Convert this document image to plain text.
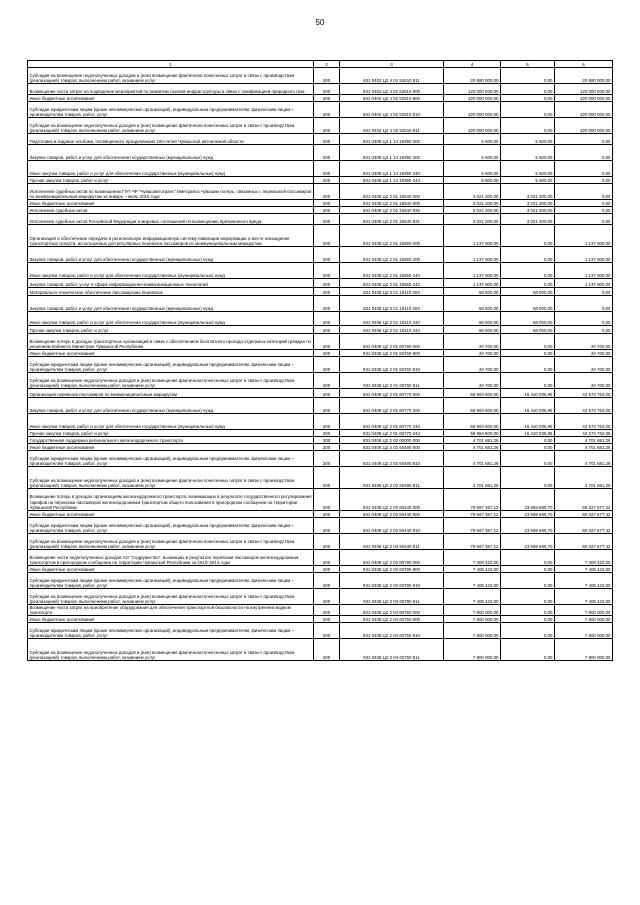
50
1	2	3	4	5	6
Субсидия на возмещение недополученных доходов и (или) возмещение фактически понесенных затрат в связи с производством (реализацией) товаров, выполнением работ, оказанием услуг	200	831 0402 Ц2 4 01 52610 811	20 680 000,00	0,00	20 680 000,00
Возмещение части затрат на подведение мероприятий по развитию газовой инфраструктуры в связи с газификацией природного газа	200	831 0402 Ц2 4 02 52610 000	120 000 000,00	0,00	120 000 000,00
Иные бюджетные ассигнования	200	831 0402 Ц2 4 02 52610 800	120 000 000,00	0,00	120 000 000,00
Субсидии юридическим лицам (кроме некоммерческих организаций), индивидуальным предпринимателям, физическим лицам – производителям товаров, работ, услуг	200	831 0402 Ц2 4 02 52610 810	120 000 000,00	0,00	120 000 000,00
Субсидии на возмещение недополученных доходов и (или) возмещение фактически понесенных затрат в связи с производством (реализацией) товаров, выполнением работ, оказанием услуг	200	831 0402 Ц2 4 02 52610 811	120 000 000,00	0,00	120 000 000,00
Подготовка и издание альбома, посвященного празднованию 100-летия Чувашской автономной области	200	831 0408 Ц4 1 14 19390 000	5 600,00	5 600,00	0,00
Закупка товаров, работ и услуг для обеспечения государственных (муниципальных) нужд	200	831 0408 Ц4 1 14 19390 200	5 600,00	5 600,00	0,00
Иные закупки товаров, работ и услуг для обеспечения государственных (муниципальных) нужд	200	831 0408 Ц4 1 14 19390 240	5 600,00	5 600,00	0,00
Прочая закупка товаров, работ и услуг	200	831 0408 Ц4 1 14 19390 244	5 600,00	5 600,00	0,00
Исполнение судебных актов по возмещению ГУП ЧР "Чувашавтотранс" Минтранса Чувашии потерь, связанных с перевозкой пассажиров по межмуниципальным маршрутам за январь – июль 2015 года	200	831 0408 Ц2 2 01 15540 000	3 021 200,00	3 021 200,00	0,00
Иные бюджетные ассигнования	200	831 0408 Ц2 2 01 15540 800	3 021 200,00	3 021 200,00	0,00
Исполнение судебных актов	200	831 0408 Ц2 2 01 15540 830	3 021 200,00	3 021 200,00	0,00
Исполнение судебных актов Российской Федерации и мировых соглашений по возмещению причиненного вреда	200	831 0408 Ц2 2 01 15540 831	3 021 200,00	3 021 200,00	0,00
Организация и обеспечение передачи в региональную информационную систему навигации информации о месте нахождения транспортных средств, используемых для регулярных перевозок пассажиров по межмуниципальным маршрутам	200	831 0408 Ц2 2 01 15550 000	1 137 600,00	0,00	1 137 600,00
Закупка товаров, работ и услуг для обеспечения государственных (муниципальных) нужд	200	831 0408 Ц2 2 01 15550 200	1 137 600,00	0,00	1 137 600,00
Иные закупки товаров, работ и услуг для обеспечения государственных (муниципальных) нужд	200	831 0408 Ц2 2 01 15550 240	1 137 600,00	0,00	1 137 600,00
Закупка товаров, работ, услуг в сфере информационно-коммуникационных технологий	200	831 0408 Ц2 2 01 15550 242	1 137 600,00	0,00	1 137 600,00
Материально-техническое обеспечение пассажирских перевозок	200	831 0408 Ц2 2 01 18110 000	68 000,00	68 000,00	0,00
Закупка товаров, работ и услуг для обеспечения государственных (муниципальных) нужд	200	831 0408 Ц2 2 01 18110 200	68 000,00	68 000,00	0,00
Иные закупки товаров, работ и услуг для обеспечения государственных (муниципальных) нужд	200	831 0408 Ц2 2 01 18110 240	68 000,00	68 000,00	0,00
Прочая закупка товаров, работ и услуг	200	831 0408 Ц2 2 01 18110 244	68 000,00	68 000,00	0,00
Возмещение потерь в доходах транспортных организаций в связи с обеспечением бесплатного проезда отдельных категорий граждан по решениям Кабинета Министров Чувашской Республики	200	831 0408 Ц2 2 01 60760 000	20 700,00	0,00	20 700,00
Иные бюджетные ассигнования	200	831 0408 Ц2 2 01 60760 800	20 700,00	0,00	20 700,00
Субсидии юридическим лицам (кроме некоммерческих организаций), индивидуальным предпринимателям, физическим лицам – производителям товаров, работ, услуг	200	831 0408 Ц2 2 01 60760 810	20 700,00	0,00	20 700,00
Субсидии на возмещение недополученных доходов и (или) возмещение фактически понесенных затрат в связи с производством (реализацией) товаров, выполнением работ, оказанием услуг	200	831 0408 Ц2 2 01 60760 811	20 700,00	0,00	20 700,00
Организация перевозок пассажиров по межмуниципальным маршрутам	200	831 0408 Ц2 2 01 60770 000	58 984 800,00	16 410 035,95	42 574 763,05
Закупка товаров, работ и услуг для обеспечения государственных (муниципальных) нужд	200	831 0408 Ц2 2 01 60770 200	58 984 800,00	16 410 035,95	42 574 763,05
Иные закупки товаров, работ и услуг для обеспечения государственных (муниципальных) нужд	200	831 0408 Ц2 2 01 60770 240	58 984 800,00	16 410 035,95	42 574 763,05
Прочая закупка товаров, работ и услуг	200	831 0408 Ц2 2 01 60770 244	58 984 800,00	16 410 035,95	42 574 763,05
Государственная поддержка регионального железнодорожного транспорта	200	831 0408 Ц2 2 02 00000 000	4 701 681,26	0,00	4 701 681,26
Иные бюджетные ассигнования	200	831 0408 Ц2 2 02 60490 800	4 701 681,26	0,00	4 701 681,26
Субсидии юридическим лицам (кроме некоммерческих организаций), индивидуальным предпринимателям, физическим лицам – производителям товаров, работ, услуг	200	831 0408 Ц2 2 02 60490 810	4 701 681,26	0,00	4 701 681,26
Субсидии на возмещение недополученных доходов и (или) возмещение фактически понесенных затрат в связи с производством (реализацией) товаров, выполнением работ, оказанием услуг	200	831 0408 Ц2 2 02 60490 811	4 701 681,26	0,00	4 701 681,26
Возмещение потерь в доходах организациям железнодорожного транспорта, возникающих в результате государственного регулирования тарифов на перевозки пассажиров железнодорожным транспортом общего пользования в пригородном сообщении на территории Чувашской Республики	200	831 0408 Ц2 2 03 60440 000	79 697 367,12	23 669 689,70	56 027 677,42
Иные бюджетные ассигнования	200	831 0408 Ц2 2 03 60440 800	79 697 367,12	23 669 689,70	56 027 677,42
Субсидии юридическим лицам (кроме некоммерческих организаций), индивидуальным предпринимателям, физическим лицам – производителям товаров, работ, услуг	200	831 0408 Ц2 2 03 60440 810	79 697 367,12	23 669 689,70	56 027 677,42
Субсидии на возмещение недополученных доходов и (или) возмещение фактически понесенных затрат в связи с производством (реализацией) товаров, выполнением работ, оказанием услуг	200	831 0408 Ц2 2 03 60440 811	79 697 367,12	23 669 689,70	56 027 677,42
Возмещение части недополученных доходов АО "Содружество", возникших в результате перевозки пассажиров железнодорожным транспортом в пригородном сообщении на территории Чувашской Республики за 2013–2014 годы	200	831 0408 Ц2 2 03 60790 000	7 408 423,00	0,00	7 408 423,00
Иные бюджетные ассигнования	200	831 0408 Ц2 2 03 60790 800	7 408 423,00	0,00	7 408 423,00
Субсидии юридическим лицам (кроме некоммерческих организаций), индивидуальным предпринимателям, физическим лицам – производителям товаров, работ, услуг	200	831 0408 Ц2 2 03 60790 810	7 408 423,00	0,00	7 408 423,00
Субсидии на возмещение недополученных доходов и (или) возмещение фактически понесенных затрат в связи с производством (реализацией) товаров, выполнением работ, оказанием услуг	200	831 0408 Ц2 2 03 60790 811	7 408 423,00	0,00	7 408 423,00
Возмещение части затрат на приобретение оборудования для обеспечения транспортной безопасности на внутреннем водном транспорте	200	831 0408 Ц2 2 04 60750 000	7 800 000,00	0,00	7 800 000,00
Иные бюджетные ассигнования	200	831 0408 Ц2 2 04 60750 800	7 800 000,00	0,00	7 800 000,00
Субсидии юридическим лицам (кроме некоммерческих организаций), индивидуальным предпринимателям, физическим лицам – производителям товаров, работ, услуг	200	831 0408 Ц2 2 04 60750 810	7 800 000,00	0,00	7 800 000,00
Субсидии на возмещение недополученных доходов и (или) возмещение фактически понесенных затрат в связи с производством (реализацией) товаров, выполнением работ, оказанием услуг	200	831 0408 Ц2 2 04 60750 811	7 800 000,00	0,00	7 800 000,00
